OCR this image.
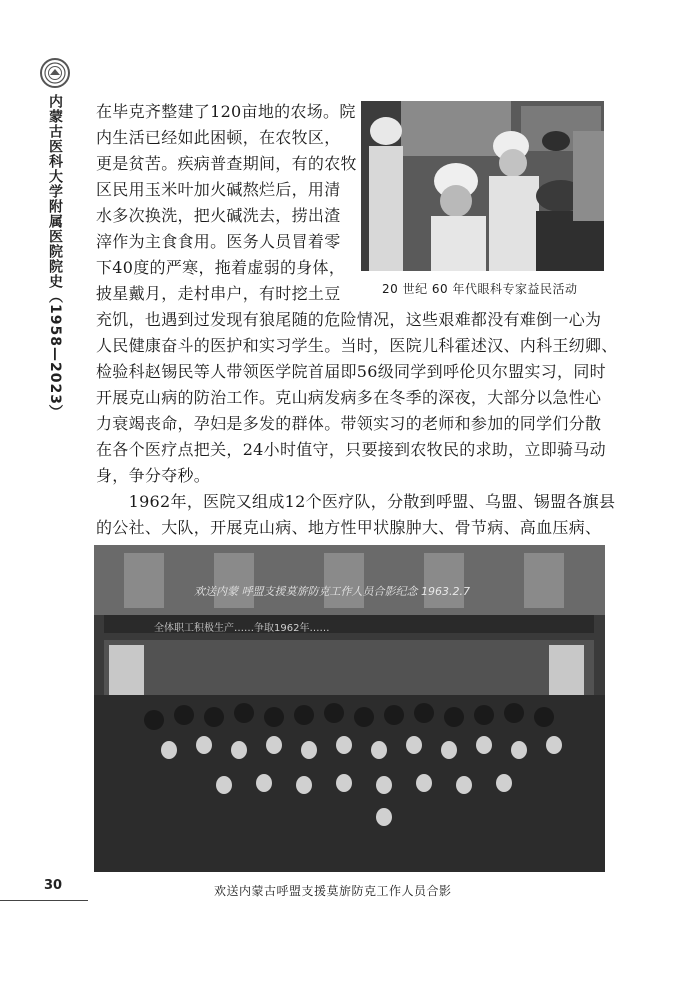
内蒙古医科大学附属医院院史（1958—2023）	20 世纪 60 年代眼科专家益民活动

在毕克齐整建了120亩地的农场。院

内生活已经如此困顿，在农牧区，

更是贫苦。疾病普查期间，有的农牧

区民用玉米叶加火碱熬烂后，用清

水多次换洗，把火碱洗去，捞出渣

滓作为主食食用。医务人员冒着零

下40度的严寒，拖着虚弱的身体，

披星戴月，走村串户，有时挖土豆

充饥，也遇到过发现有狼尾随的危险情况，这些艰难都没有难倒一心为

人民健康奋斗的医护和实习学生。当时，医院儿科霍述汉、内科王纫卿、

检验科赵锡民等人带领医学院首届即56级同学到呼伦贝尔盟实习，同时

开展克山病的防治工作。克山病发病多在冬季的深夜，大部分以急性心

力衰竭丧命，孕妇是多发的群体。带领实习的老师和参加的同学们分散

在各个医疗点把关，24小时值守，只要接到农牧民的求助，立即骑马动

身，争分夺秒。

　　1962年，医院又组成12个医疗队，分散到呼盟、乌盟、锡盟各旗县

的公社、大队，开展克山病、地方性甲状腺肿大、骨节病、高血压病、

欢送内蒙 呼盟支援莫旂防克工作人员合影纪念 1963.2.7
全体职工积极生产……争取1962年……
欢送内蒙古呼盟支援莫旂防克工作人员合影
30
